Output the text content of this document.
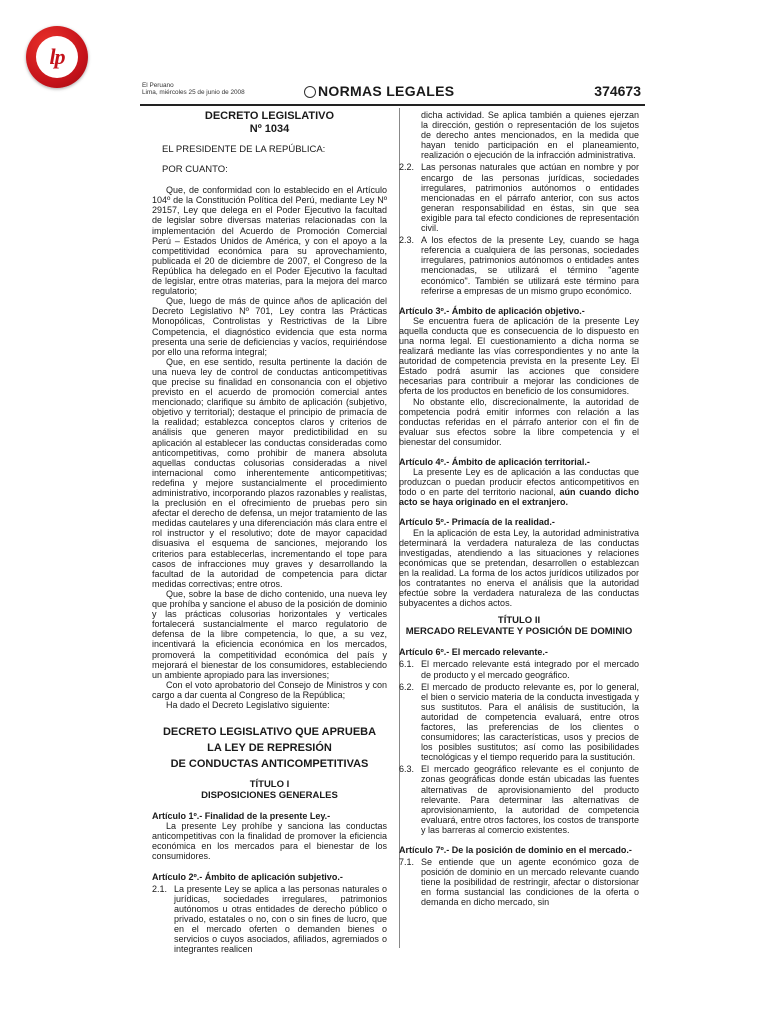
lp
El Peruano
Lima, miércoles 25 de junio de 2008	NORMAS LEGALES	374673
DECRETO LEGISLATIVO
Nº 1034
EL PRESIDENTE DE LA REPÚBLICA:
POR CUANTO:

Que, de conformidad con lo establecido en el Artículo 104º de la Constitución Política del Perú, mediante Ley Nº 29157, Ley que delega en el Poder Ejecutivo la facultad de legislar sobre diversas materias relacionadas con la implementación del Acuerdo de Promoción Comercial Perú – Estados Unidos de América, y con el apoyo a la competitividad económica para su aprovechamiento, publicada el 20 de diciembre de 2007, el Congreso de la República ha delegado en el Poder Ejecutivo la facultad de legislar, entre otras materias, para la mejora del marco regulatorio;

Que, luego de más de quince años de aplicación del Decreto Legislativo Nº 701, Ley contra las Prácticas Monopólicas, Controlistas y Restrictivas de la Libre Competencia, el diagnóstico evidencia que esta norma presenta una serie de deficiencias y vacíos, requiriéndose por ello una reforma integral;

Que, en ese sentido, resulta pertinente la dación de una nueva ley de control de conductas anticompetitivas que precise su finalidad en consonancia con el objetivo previsto en el acuerdo de promoción comercial antes mencionado; clarifique su ámbito de aplicación (subjetivo, objetivo y territorial); destaque el principio de primacía de la realidad; establezca conceptos claros y criterios de análisis que generen mayor predictibilidad en su aplicación al establecer las conductas consideradas como anticompetitivas, como prohibir de manera absoluta aquellas conductas colusorias consideradas a nivel internacional como inherentemente anticompetitivas; redefina y mejore sustancialmente el procedimiento administrativo, incorporando plazos razonables y realistas, la preclusión en el ofrecimiento de pruebas pero sin afectar el derecho de defensa, un mejor tratamiento de las medidas cautelares y una diferenciación más clara entre el rol instructor y el resolutivo; dote de mayor capacidad disuasiva el esquema de sanciones, mejorando los criterios para establecerlas, incrementando el tope para casos de infracciones muy graves y desarrollando la facultad de la autoridad de competencia para dictar medidas correctivas; entre otros.

Que, sobre la base de dicho contenido, una nueva ley que prohíba y sancione el abuso de la posición de dominio y las prácticas colusorias horizontales y verticales fortalecerá sustancialmente el marco regulatorio de defensa de la libre competencia, lo que, a su vez, incentivará la eficiencia económica en los mercados, promoverá la competitividad económica del país y mejorará el bienestar de los consumidores, estableciendo un ambiente apropiado para las inversiones;

Con el voto aprobatorio del Consejo de Ministros y con cargo a dar cuenta al Congreso de la República;

Ha dado el Decreto Legislativo siguiente:

DECRETO LEGISLATIVO QUE APRUEBA
LA LEY DE REPRESIÓN
DE CONDUCTAS ANTICOMPETITIVAS
TÍTULO I
DISPOSICIONES GENERALES

Artículo 1º.- Finalidad de la presente Ley.-

La presente Ley prohíbe y sanciona las conductas anticompetitivas con la finalidad de promover la eficiencia económica en los mercados para el bienestar de los consumidores.

Artículo 2º.- Ámbito de aplicación subjetivo.-

2.1. La presente Ley se aplica a las personas naturales o jurídicas, sociedades irregulares, patrimonios autónomos u otras entidades de derecho público o privado, estatales o no, con o sin fines de lucro, que en el mercado oferten o demanden bienes o servicios o cuyos asociados, afiliados, agremiados o integrantes realicen
dicha actividad. Se aplica también a quienes ejerzan la dirección, gestión o representación de los sujetos de derecho antes mencionados, en la medida que hayan tenido participación en el planeamiento, realización o ejecución de la infracción administrativa.
2.2. Las personas naturales que actúan en nombre y por encargo de las personas jurídicas, sociedades irregulares, patrimonios autónomos o entidades mencionadas en el párrafo anterior, con sus actos generan responsabilidad en éstas, sin que sea exigible para tal efecto condiciones de representación civil.
2.3. A los efectos de la presente Ley, cuando se haga referencia a cualquiera de las personas, sociedades irregulares, patrimonios autónomos o entidades antes mencionadas, se utilizará el término "agente económico". También se utilizará este término para referirse a empresas de un mismo grupo económico.

Artículo 3º.- Ámbito de aplicación objetivo.-

Se encuentra fuera de aplicación de la presente Ley aquella conducta que es consecuencia de lo dispuesto en una norma legal. El cuestionamiento a dicha norma se realizará mediante las vías correspondientes y no ante la autoridad de competencia prevista en la presente Ley. El Estado podrá asumir las acciones que considere necesarias para contribuir a mejorar las condiciones de oferta de los productos en beneficio de los consumidores.

No obstante ello, discrecionalmente, la autoridad de competencia podrá emitir informes con relación a las conductas referidas en el párrafo anterior con el fin de evaluar sus efectos sobre la libre competencia y el bienestar del consumidor.

Artículo 4º.- Ámbito de aplicación territorial.-

La presente Ley es de aplicación a las conductas que produzcan o puedan producir efectos anticompetitivos en todo o en parte del territorio nacional, aún cuando dicho acto se haya originado en el extranjero.

Artículo 5º.- Primacía de la realidad.-

En la aplicación de esta Ley, la autoridad administrativa determinará la verdadera naturaleza de las conductas investigadas, atendiendo a las situaciones y relaciones económicas que se pretendan, desarrollen o establezcan en la realidad. La forma de los actos jurídicos utilizados por los contratantes no enerva el análisis que la autoridad efectúe sobre la verdadera naturaleza de las conductas subyacentes a dichos actos.

TÍTULO II
MERCADO RELEVANTE Y POSICIÓN DE DOMINIO

Artículo 6º.- El mercado relevante.-

6.1. El mercado relevante está integrado por el mercado de producto y el mercado geográfico.
6.2. El mercado de producto relevante es, por lo general, el bien o servicio materia de la conducta investigada y sus sustitutos. Para el análisis de sustitución, la autoridad de competencia evaluará, entre otros factores, las preferencias de los clientes o consumidores; las características, usos y precios de los posibles sustitutos; así como las posibilidades tecnológicas y el tiempo requerido para la sustitución.
6.3. El mercado geográfico relevante es el conjunto de zonas geográficas donde están ubicadas las fuentes alternativas de aprovisionamiento del producto relevante. Para determinar las alternativas de aprovisionamiento, la autoridad de competencia evaluará, entre otros factores, los costos de transporte y las barreras al comercio existentes.

Artículo 7º.- De la posición de dominio en el mercado.-

7.1. Se entiende que un agente económico goza de posición de dominio en un mercado relevante cuando tiene la posibilidad de restringir, afectar o distorsionar en forma sustancial las condiciones de la oferta o demanda en dicho mercado, sin
